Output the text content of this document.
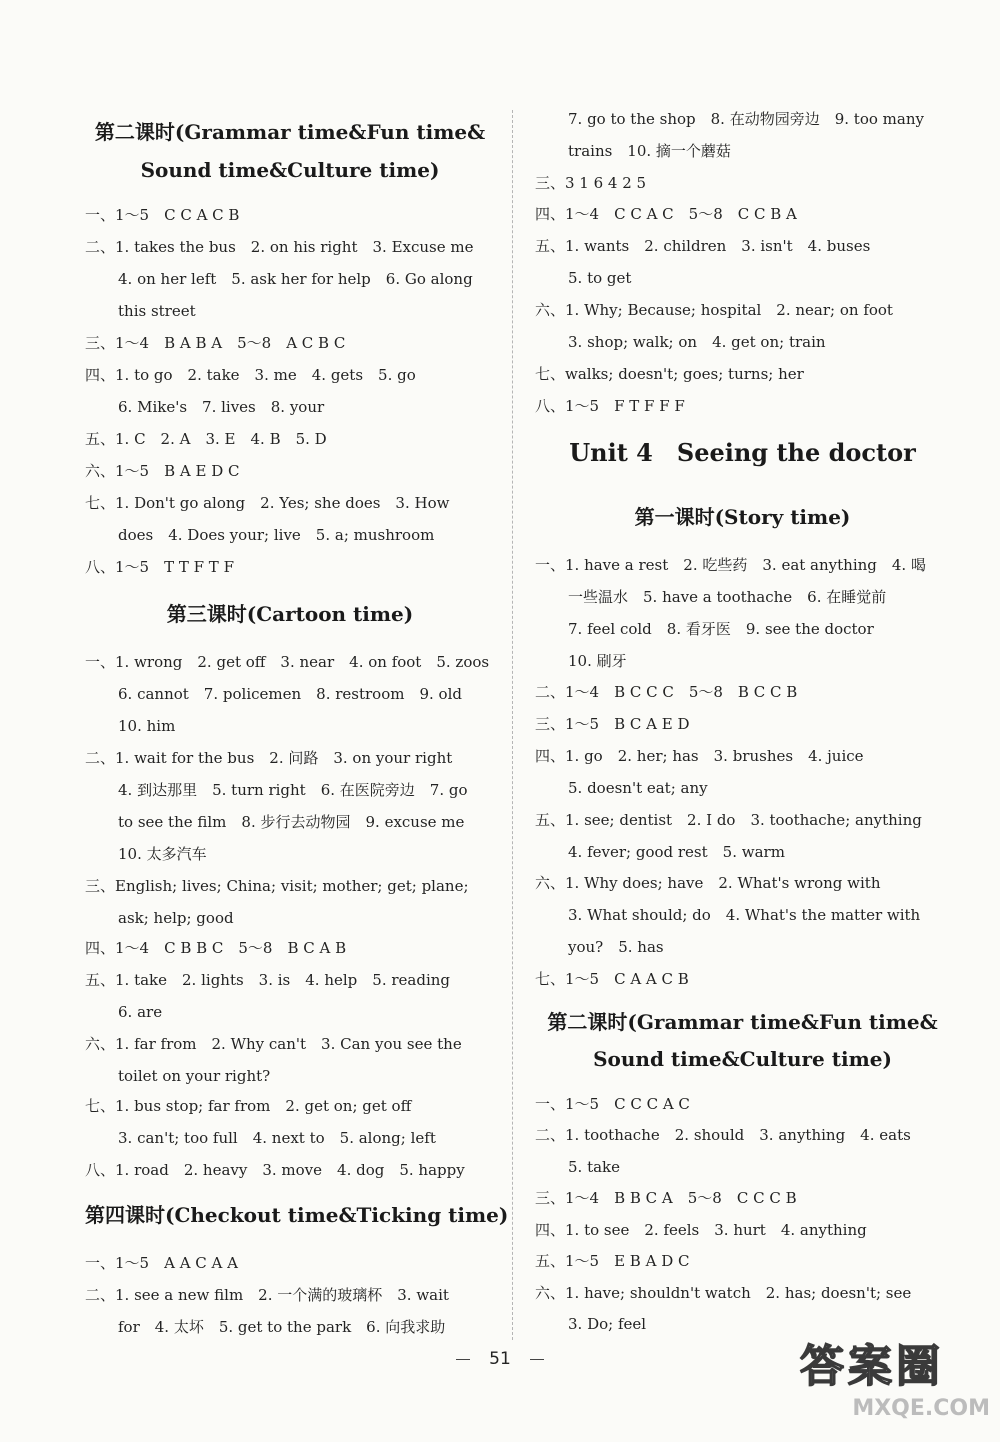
第二课时(Grammar time&Fun time&
Sound time&Culture time)
一、1～5　C C A C B
二、1. takes the bus　2. on his right　3. Excuse me
4. on her left　5. ask her for help　6. Go along
this street
三、1～4　B A B A　5～8　A C B C
四、1. to go　2. take　3. me　4. gets　5. go
6. Mike's　7. lives　8. your
五、1. C　2. A　3. E　4. B　5. D
六、1～5　B A E D C
七、1. Don't go along　2. Yes; she does　3. How
does　4. Does your; live　5. a; mushroom
八、1～5　T T F T F
第三课时(Cartoon time)
一、1. wrong　2. get off　3. near　4. on foot　5. zoos
6. cannot　7. policemen　8. restroom　9. old
10. him
二、1. wait for the bus　2. 问路　3. on your right
4. 到达那里　5. turn right　6. 在医院旁边　7. go
to see the film　8. 步行去动物园　9. excuse me
10. 太多汽车
三、English; lives; China; visit; mother; get; plane;
ask; help; good
四、1～4　C B B C　5～8　B C A B
五、1. take　2. lights　3. is　4. help　5. reading
6. are
六、1. far from　2. Why can't　3. Can you see the
toilet on your right?
七、1. bus stop; far from　2. get on; get off
3. can't; too full　4. next to　5. along; left
八、1. road　2. heavy　3. move　4. dog　5. happy
第四课时(Checkout time&Ticking time)
一、1～5　A A C A A
二、1. see a new film　2. 一个满的玻璃杯　3. wait
for　4. 太坏　5. get to the park　6. 向我求助
7. go to the shop　8. 在动物园旁边　9. too many
trains　10. 摘一个蘑菇
三、3 1 6 4 2 5
四、1～4　C C A C　5～8　C C B A
五、1. wants　2. children　3. isn't　4. buses
5. to get
六、1. Why; Because; hospital　2. near; on foot
3. shop; walk; on　4. get on; train
七、walks; doesn't; goes; turns; her
八、1～5　F T F F F
Unit 4　Seeing the doctor
第一课时(Story time)
一、1. have a rest　2. 吃些药　3. eat anything　4. 喝
一些温水　5. have a toothache　6. 在睡觉前
7. feel cold　8. 看牙医　9. see the doctor
10. 刷牙
二、1～4　B C C C　5～8　B C C B
三、1～5　B C A E D
四、1. go　2. her; has　3. brushes　4. juice
5. doesn't eat; any
五、1. see; dentist　2. I do　3. toothache; anything
4. fever; good rest　5. warm
六、1. Why does; have　2. What's wrong with
3. What should; do　4. What's the matter with
you?　5. has
七、1～5　C A A C B
第二课时(Grammar time&Fun time&
Sound time&Culture time)
一、1～5　C C C A C
二、1. toothache　2. should　3. anything　4. eats
5. take
三、1～4　B B C A　5～8　C C C B
四、1. to see　2. feels　3. hurt　4. anything
五、1～5　E B A D C
六、1. have; shouldn't watch　2. has; doesn't; see
3. Do; feel
51	答案圈
MXQE.COM
